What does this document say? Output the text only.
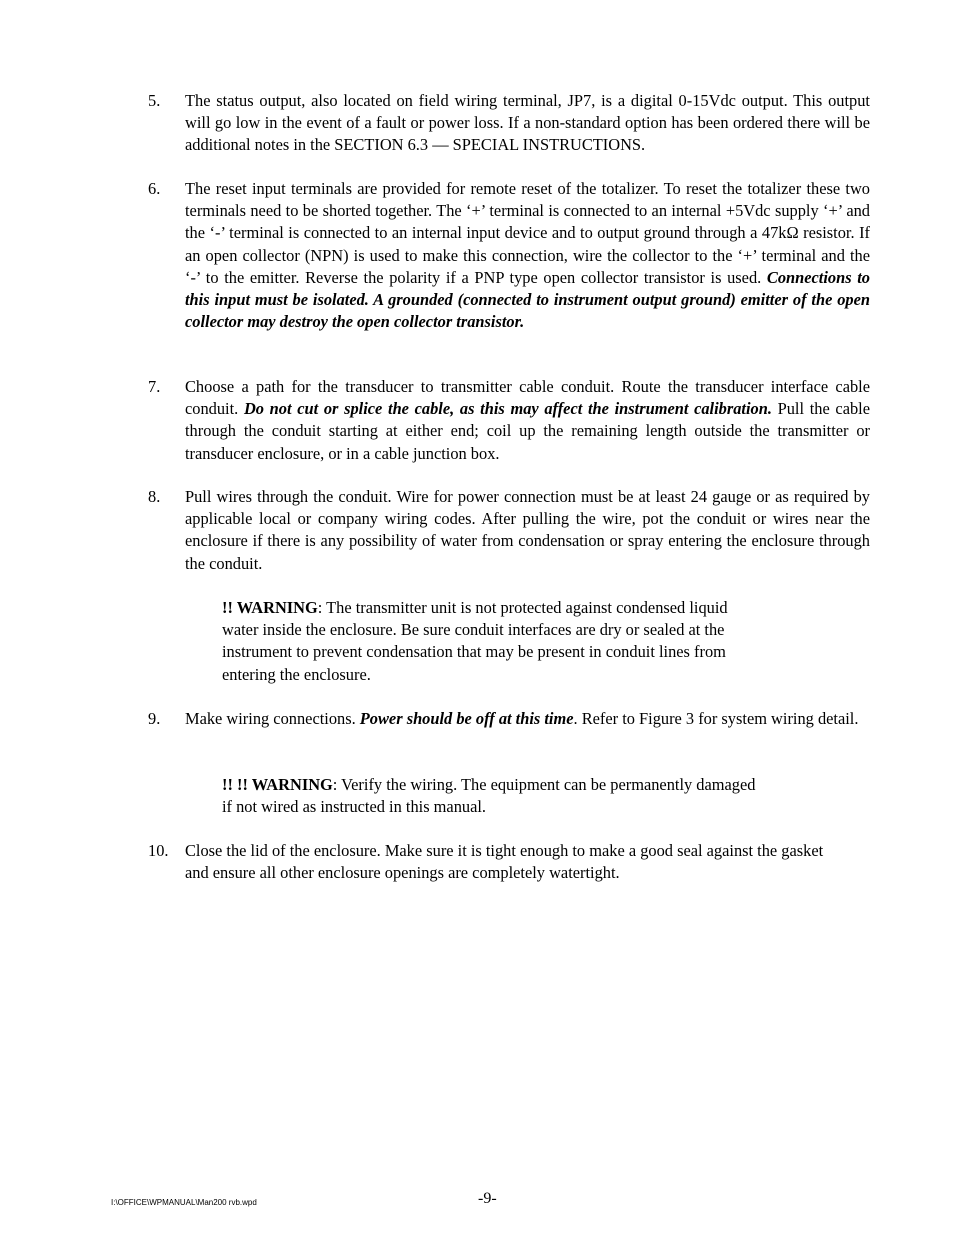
5.	The status output, also located on field wiring terminal, JP7, is a digital 0-15Vdc output. This output will go low in the event of a fault or power loss. If a non-standard option has been ordered there will be additional notes in the SECTION 6.3 — SPECIAL INSTRUCTIONS.
6.	The reset input terminals are provided for remote reset of the totalizer. To reset the totalizer these two terminals need to be shorted together. The ‘+’ terminal is connected to an internal +5Vdc supply ‘+’ and the ‘-’ terminal is connected to an internal input device and to output ground through a 47kΩ resistor. If an open collector (NPN) is used to make this connection, wire the collector to the ‘+’ terminal and the ‘-’ to the emitter. Reverse the polarity if a PNP type open collector transistor is used. Connections to this input must be isolated. A grounded (connected to instrument output ground) emitter of the open collector may destroy the open collector transistor.
7.	Choose a path for the transducer to transmitter cable conduit. Route the transducer interface cable conduit. Do not cut or splice the cable, as this may affect the instrument calibration. Pull the cable through the conduit starting at either end; coil up the remaining length outside the transmitter or transducer enclosure, or in a cable junction box.
8.	Pull wires through the conduit. Wire for power connection must be at least 24 gauge or as required by applicable local or company wiring codes. After pulling the wire, pot the conduit or wires near the enclosure if there is any possibility of water from condensation or spray entering the enclosure through the conduit.
!! WARNING: The transmitter unit is not protected against condensed liquid water inside the enclosure. Be sure conduit interfaces are dry or sealed at the instrument to prevent condensation that may be present in conduit lines from entering the enclosure.
9.	Make wiring connections. Power should be off at this time. Refer to Figure 3 for system wiring detail.
!! !! WARNING: Verify the wiring. The equipment can be permanently damaged if not wired as instructed in this manual.
10.	Close the lid of the enclosure. Make sure it is tight enough to make a good seal against the gasket and ensure all other enclosure openings are completely watertight.
I:\OFFICE\WPMANUAL\Man200 rvb.wpd	-9-
